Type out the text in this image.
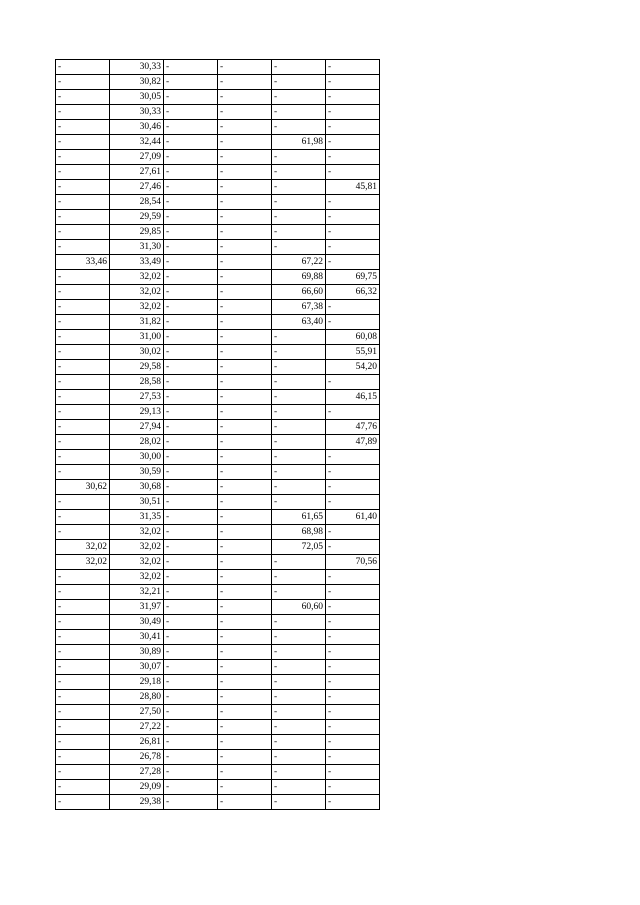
-	30,33	-	-	-	-
-	30,82	-	-	-	-
-	30,05	-	-	-	-
-	30,33	-	-	-	-
-	30,46	-	-	-	-
-	32,44	-	-	61,98	-
-	27,09	-	-	-	-
-	27,61	-	-	-	-
-	27,46	-	-	-	45,81
-	28,54	-	-	-	-
-	29,59	-	-	-	-
-	29,85	-	-	-	-
-	31,30	-	-	-	-
33,46	33,49	-	-	67,22	-
-	32,02	-	-	69,88	69,75
-	32,02	-	-	66,60	66,32
-	32,02	-	-	67,38	-
-	31,82	-	-	63,40	-
-	31,00	-	-	-	60,08
-	30,02	-	-	-	55,91
-	29,58	-	-	-	54,20
-	28,58	-	-	-	-
-	27,53	-	-	-	46,15
-	29,13	-	-	-	-
-	27,94	-	-	-	47,76
-	28,02	-	-	-	47,89
-	30,00	-	-	-	-
-	30,59	-	-	-	-
30,62	30,68	-	-	-	-
-	30,51	-	-	-	-
-	31,35	-	-	61,65	61,40
-	32,02	-	-	68,98	-
32,02	32,02	-	-	72,05	-
32,02	32,02	-	-	-	70,56
-	32,02	-	-	-	-
-	32,21	-	-	-	-
-	31,97	-	-	60,60	-
-	30,49	-	-	-	-
-	30,41	-	-	-	-
-	30,89	-	-	-	-
-	30,07	-	-	-	-
-	29,18	-	-	-	-
-	28,80	-	-	-	-
-	27,50	-	-	-	-
-	27,22	-	-	-	-
-	26,81	-	-	-	-
-	26,78	-	-	-	-
-	27,28	-	-	-	-
-	29,09	-	-	-	-
-	29,38	-	-	-	-
